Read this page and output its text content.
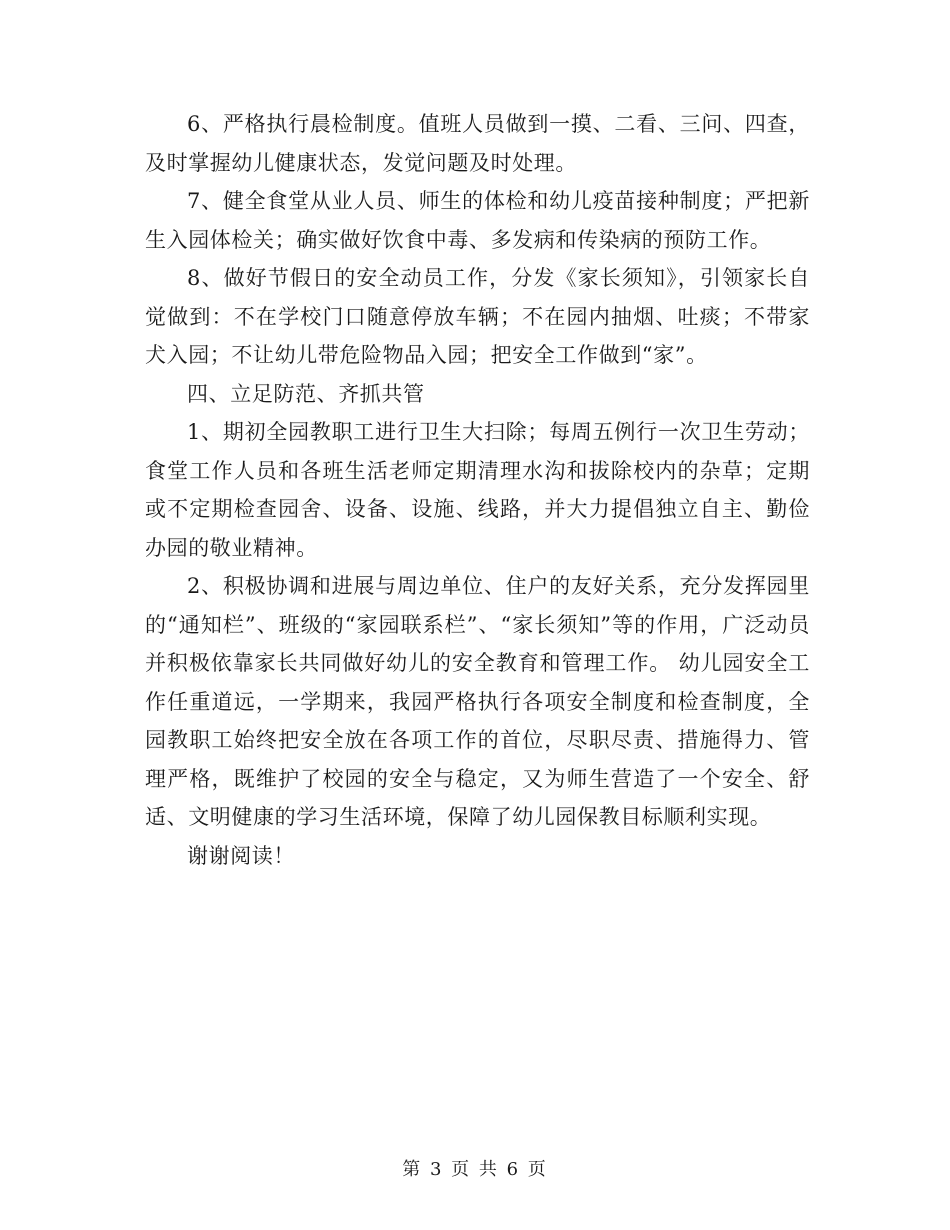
6、严格执行晨检制度。值班人员做到一摸、二看、三问、四查，及时掌握幼儿健康状态，发觉问题及时处理。

7、健全食堂从业人员、师生的体检和幼儿疫苗接种制度；严把新生入园体检关；确实做好饮食中毒、多发病和传染病的预防工作。

8、做好节假日的安全动员工作，分发《家长须知》，引领家长自觉做到：不在学校门口随意停放车辆；不在园内抽烟、吐痰；不带家犬入园；不让幼儿带危险物品入园；把安全工作做到“家”。

四、立足防范、齐抓共管

1、期初全园教职工进行卫生大扫除；每周五例行一次卫生劳动；食堂工作人员和各班生活老师定期清理水沟和拔除校内的杂草；定期或不定期检查园舍、设备、设施、线路，并大力提倡独立自主、勤俭办园的敬业精神。

2、积极协调和进展与周边单位、住户的友好关系，充分发挥园里的“通知栏”、班级的“家园联系栏”、“家长须知”等的作用，广泛动员并积极依靠家长共同做好幼儿的安全教育和管理工作。 幼儿园安全工作任重道远，一学期来，我园严格执行各项安全制度和检查制度，全园教职工始终把安全放在各项工作的首位，尽职尽责、措施得力、管理严格，既维护了校园的安全与稳定，又为师生营造了一个安全、舒适、文明健康的学习生活环境，保障了幼儿园保教目标顺利实现。

谢谢阅读！

第 3 页 共 6 页
